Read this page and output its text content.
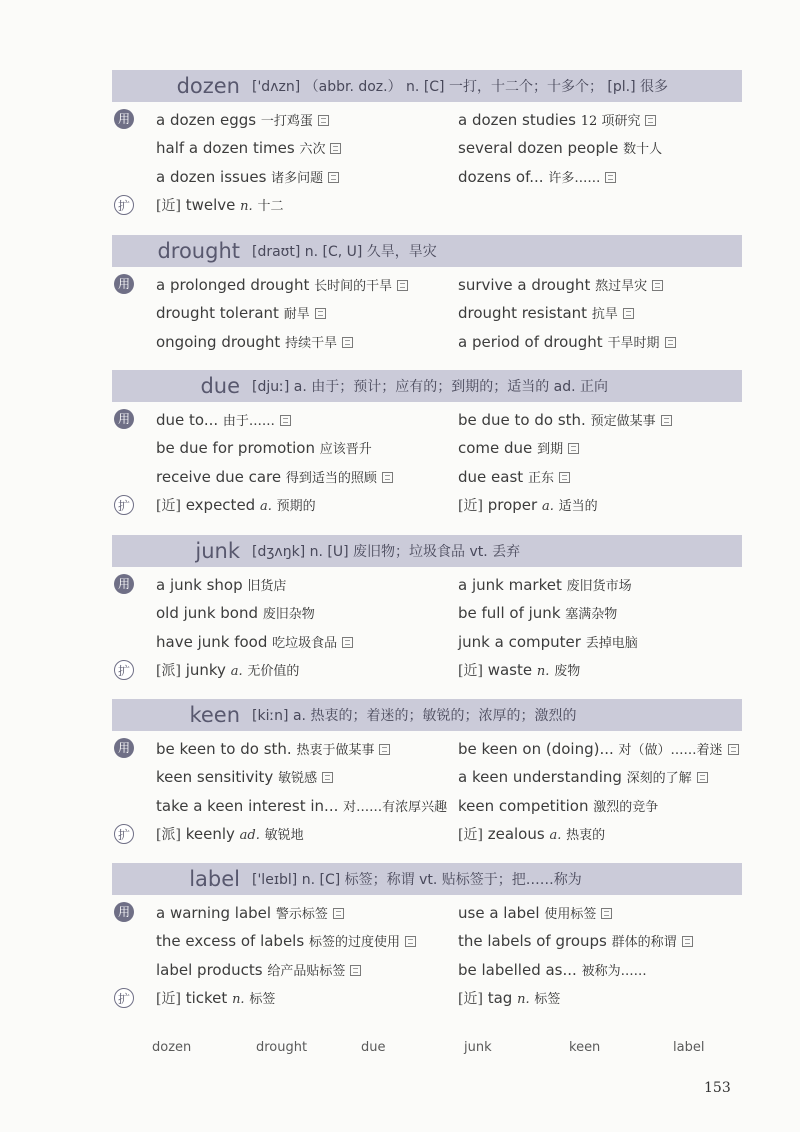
dozen ['dʌzn] （abbr. doz.） n. [C] 一打，十二个；十多个； [pl.] 很多
用 a dozen eggs 一打鸡蛋	a dozen studies 12 项研究
half a dozen times 六次	several dozen people 数十人
a dozen issues 诸多问题	dozens of... 许多……
扩 [近] twelve n. 十二
drought [draʊt] n. [C, U] 久旱，旱灾
用 a prolonged drought 长时间的干旱	survive a drought 熬过旱灾
drought tolerant 耐旱	drought resistant 抗旱
ongoing drought 持续干旱	a period of drought 干旱时期
due [djuː] a. 由于；预计；应有的；到期的；适当的 ad. 正向
用 due to... 由于……	be due to do sth. 预定做某事
be due for promotion 应该晋升	come due 到期
receive due care 得到适当的照顾	due east 正东
扩 [近] expected a. 预期的	[近] proper a. 适当的
junk [dʒʌŋk] n. [U] 废旧物；垃圾食品 vt. 丢弃
用 a junk shop 旧货店	a junk market 废旧货市场
old junk bond 废旧杂物	be full of junk 塞满杂物
have junk food 吃垃圾食品	junk a computer 丢掉电脑
扩 [派] junky a. 无价值的	[近] waste n. 废物
keen [kiːn] a. 热衷的；着迷的；敏锐的；浓厚的；激烈的
用 be keen to do sth. 热衷于做某事	be keen on (doing)... 对（做）……着迷
keen sensitivity 敏锐感	a keen understanding 深刻的了解
take a keen interest in... 对……有浓厚兴趣 keen competition 激烈的竞争
扩 [派] keenly ad. 敏锐地	[近] zealous a. 热衷的
label ['leɪbl] n. [C] 标签；称谓 vt. 贴标签于；把……称为
用 a warning label 警示标签	use a label 使用标签
the excess of labels 标签的过度使用	the labels of groups 群体的称谓
label products 给产品贴标签	be labelled as... 被称为……
扩 [近] ticket n. 标签	[近] tag n. 标签
dozen	drought	due	junk	keen	label
153
